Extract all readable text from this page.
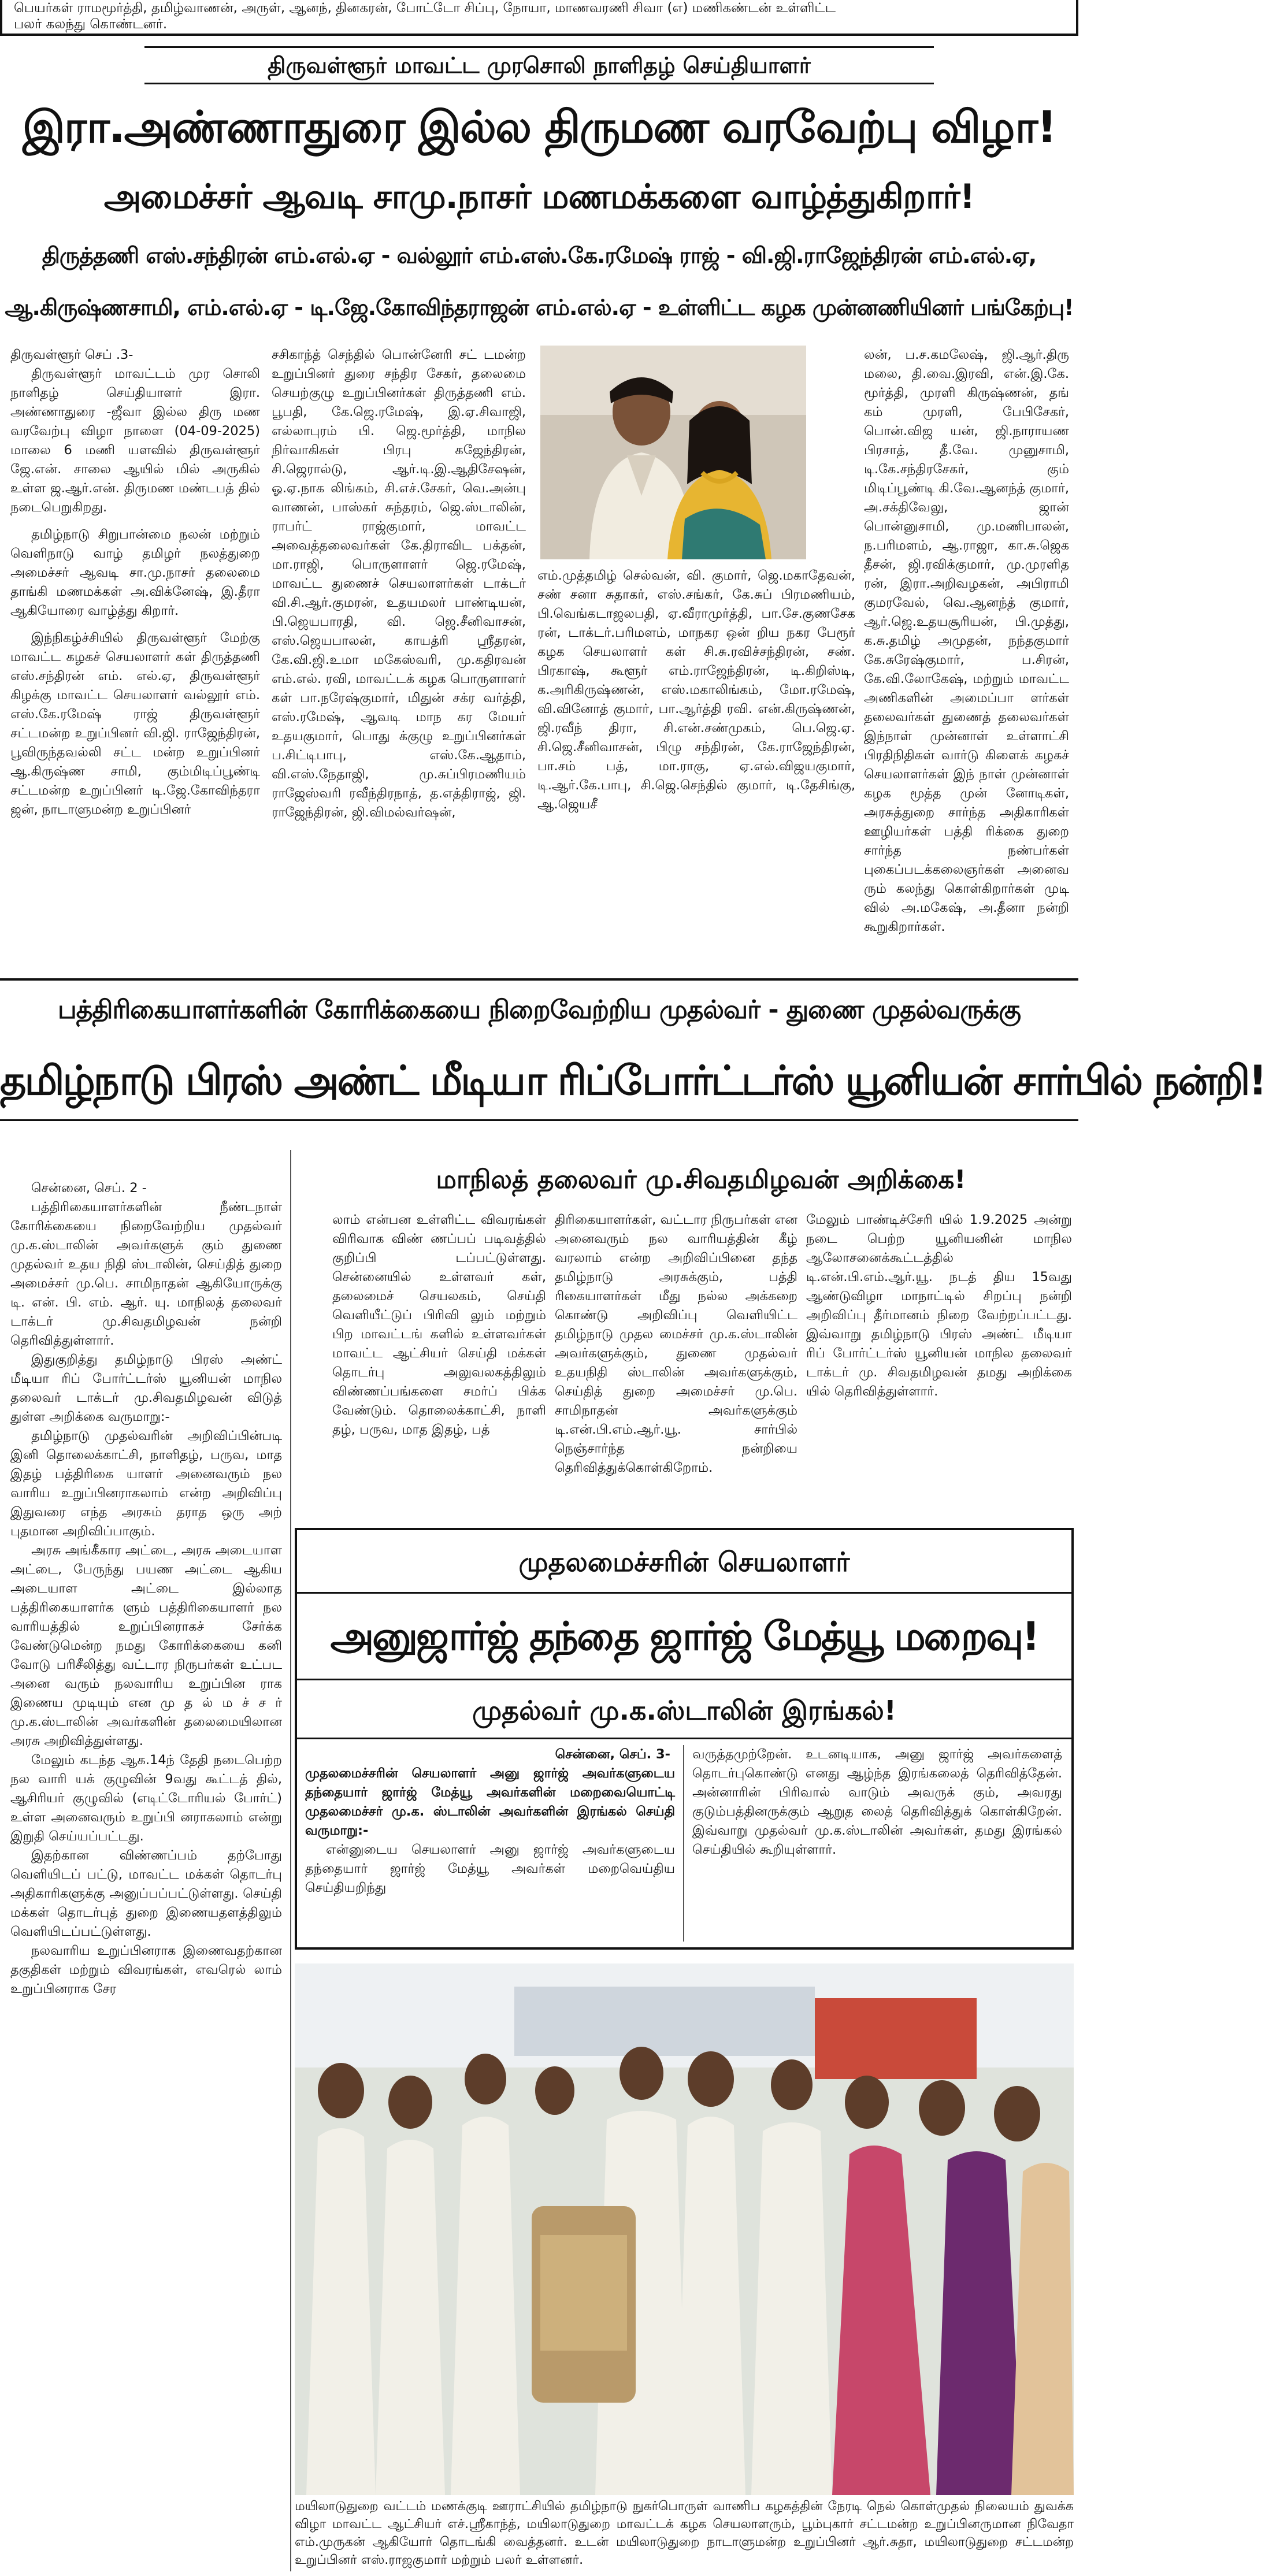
பெயர்கள் ராமமூர்த்தி, தமிழ்வாணன், அருள், ஆனந், தினகரன், போட்டோ சிப்பு, நோயா, மாணவரணி சிவா (எ) மணிகண்டன் உள்ளிட்ட
பலர் கலந்து கொண்டனர்.
திருவள்ளூர் மாவட்ட முரசொலி நாளிதழ் செய்தியாளர்
இரா.அண்ணாதுரை இல்ல திருமண வரவேற்பு விழா!
அமைச்சர் ஆவடி சாமு.நாசர் மணமக்களை வாழ்த்துகிறார்!
திருத்தணி எஸ்.சந்திரன் எம்.எல்.ஏ - வல்லூர் எம்.எஸ்.கே.ரமேஷ் ராஜ் - வி.ஜி.ராஜேந்திரன் எம்.எல்.ஏ,
ஆ.கிருஷ்ணசாமி, எம்.எல்.ஏ - டி.ஜே.கோவிந்தராஜன் எம்.எல்.ஏ - உள்ளிட்ட கழக முன்னணியினர் பங்கேற்பு!

திருவள்ளூர் செப் .3-

திருவள்ளூர் மாவட்டம் முர சொலி நாளிதழ் செய்தியாளர் இரா. அண்ணாதுரை -ஜீவா இல்ல திரு மண வரவேற்பு விழா நாளை (04-09-2025) மாலை 6 மணி யளவில் திருவள்ளூர் ஜே.என். சாலை ஆயில் மில் அருகில் உள்ள ஜ.ஆர்.என். திருமண மண்டபத் தில் நடைபெறுகிறது.

தமிழ்நாடு சிறுபான்மை நலன் மற்றும் வெளிநாடு வாழ் தமிழர் நலத்துறை அமைச்சர் ஆவடி சா.மு.நாசர் தலைமை தாங்கி மணமக்கள் அ.விக்னேஷ், இ.தீரா ஆகியோரை வாழ்த்து கிறார்.

இந்நிகழ்ச்சியில் திருவள்ளூர் மேற்கு மாவட்ட கழகச் செயலாளர் கள் திருத்தணி எஸ்.சந்திரன் எம். எல்.ஏ, திருவள்ளூர் கிழக்கு மாவட்ட செயலாளர் வல்லூர் எம். எஸ்.கே.ரமேஷ் ராஜ் திருவள்ளூர் சட்டமன்ற உறுப்பினர் வி.ஜி. ராஜேந்திரன், பூவிருந்தவல்லி சட்ட மன்ற உறுப்பினர் ஆ.கிருஷ்ண சாமி, கும்மிடிப்பூண்டி சட்டமன்ற உறுப்பினர் டி.ஜே.கோவிந்தரா ஜன், நாடாளுமன்ற உறுப்பினர்

சசிகாந்த் செந்தில் பொன்னேரி சட் டமன்ற உறுப்பினர் துரை சந்திர சேகர், தலைமை செயற்குழு உறுப்பினர்கள் திருத்தணி எம். பூபதி, கே.ஜெ.ரமேஷ், இ.ஏ.சிவாஜி, எல்லாபுரம் பி. ஜெ.மூர்த்தி, மாநில நிர்வாகிகள் பிரபு கஜேந்திரன், சி.ஜெரால்டு, ஆர்.டி.இ.ஆதிசேஷன், ஓ.ஏ.நாக லிங்கம், சி.எச்.சேகர், வெ.அன்பு வாணன், பாஸ்கர் சுந்தரம், ஜெ.ஸ்டாலின், ராபர்ட் ராஜ்குமார், மாவட்ட அவைத்தலைவர்கள் கே.திராவிட பக்தன், மா.ராஜி, பொருளாளர் ஜெ.ரமேஷ், மாவட்ட துணைச் செயலாளர்கள் டாக்டர் வி.சி.ஆர்.குமரன், உதயமலர் பாண்டியன், பி.ஜெயபாரதி, வி. ஜெ.சீனிவாசன், எஸ்.ஜெயபாலன், காயத்ரி ஸ்ரீதரன், கே.வி.ஜி.உமா மகேஸ்வரி, மு.கதிரவன் எம்.எல். ரவி, மாவட்டக் கழக பொருளாளர் கள் பா.நரேஷ்குமார், மிதுன் சக்ர வர்த்தி, எஸ்.ரமேஷ், ஆவடி மாந கர மேயர் உதயகுமார், பொது க்குழு உறுப்பினர்கள் ப.சிட்டிபாபு, எஸ்.கே.ஆதாம், வி.எஸ்.நேதாஜி, மு.சுப்பிரமணியம் ராஜேஸ்வரி ரவீந்திரநாத், த.எத்திராஜ், ஜி. ராஜேந்திரன், ஜி.விமல்வர்ஷன்,
எம்.முத்தமிழ் செல்வன், வி. குமார், ஜெ.மகாதேவன், சண் சனா சுதாகர், எஸ்.சங்கர், கே.சுப் பிரமணியம், பி.வெங்கடாஜலபதி, ஏ.வீராமுர்த்தி, பா.சே.குணசேக ரன், டாக்டர்.பரிமளம், மாநகர ஒன் றிய நகர பேரூர் கழக செயலாளர் கள் சி.சு.ரவிச்சந்திரன், சண். பிரகாஷ், கூளூர் எம்.ராஜேந்திரன், டி.கிறிஸ்டி, க.அரிகிருஷ்ணன், எஸ்.மகாலிங்கம், மோ.ரமேஷ், வி.வினோத் குமார், பா.ஆர்த்தி ரவி. என்.கிருஷ்ணன், ஜி.ரவீந் திரா, சி.என்.சண்முகம், பெ.ஜெ.ஏ. சி.ஜெ.சீனிவாசன், பிழு சந்திரன், கே.ராஜேந்திரன், பா.சம் பத், மா.ராகு, ஏ.எல்.விஜயகுமார், டி.ஆர்.கே.பாபு, சி.ஜெ.செந்தில் குமார், டி.தேசிங்கு, ஆ.ஜெயசீ
லன், ப.ச.கமலேஷ், ஜி.ஆர்.திரு மலை, தி.வை.இரவி, என்.இ.கே. மூர்த்தி, முரளி கிருஷ்ணன், தங் கம் முரளி, பேபிசேகர், பொன்.விஜ யன், ஜி.நாராயண பிரசாத், தீ.வே. முனுசாமி, டி.கே.சந்திரசேகர், கும் மிடிப்பூண்டி கி.வே.ஆனந்த் குமார், அ.சக்திவேலு, ஜான் பொன்னுசாமி, மு.மணிபாலன், ந.பரிமளம், ஆ.ராஜா, கா.சு.ஜெக தீசன், ஜி.ரவிக்குமார், மு.முரளித ரன், இரா.அறிவழகன், அபிராமி குமரவேல், வெ.ஆனந்த் குமார், ஆர்.ஜெ.உதயசூரியன், பி.முத்து, க.சு.தமிழ் அமுதன், நந்தகுமார் கே.சுரேஷ்குமார், ப.சிரன், கே.வி.லோகேஷ், மற்றும் மாவட்ட அணிகளின் அமைப்பா ளர்கள் தலைவர்கள் துணைத் தலைவர்கள் இந்நாள் முன்னாள் உள்ளாட்சி பிரதிநிதிகள் வார்டு கிளைக் கழகச் செயலாளர்கள் இந் நாள் முன்னாள் கழக மூத்த முன் னோடிகள், அரசுத்துறை சார்ந்த அதிகாரிகள் ஊழியர்கள் பத்தி ரிக்கை துறை சார்ந்த நண்பர்கள் புகைப்படக்கலைஞர்கள் அனைவ ரும் கலந்து கொள்கிறார்கள் முடி வில் அ.மகேஷ், அ.தீனா நன்றி கூறுகிறார்கள்.
பத்திரிகையாளர்களின் கோரிக்கையை நிறைவேற்றிய முதல்வர் - துணை முதல்வருக்கு
தமிழ்நாடு பிரஸ் அண்ட் மீடியா ரிப்போர்ட்டர்ஸ் யூனியன் சார்பில் நன்றி!
மாநிலத் தலைவர் மு.சிவதமிழவன் அறிக்கை!

சென்னை, செப். 2 -

பத்திரிகையாளர்களின் நீண்டநாள் கோரிக்கையை நிறைவேற்றிய முதல்வர் மு.க.ஸ்டாலின் அவர்களுக் கும் துணை முதல்வர் உதய நிதி ஸ்டாலின், செய்தித் துறை அமைச்சர் மு.பெ. சாமிநாதன் ஆகியோருக்கு டி. என். பி. எம். ஆர். யு. மாநிலத் தலைவர் டாக்டர் மு.சிவதமிழவன் நன்றி தெரிவித்துள்ளார்.

இதுகுறித்து தமிழ்நாடு பிரஸ் அண்ட் மீடியா ரிப் போர்ட்டர்ஸ் யூனியன் மாநில தலைவர் டாக்டர் மு.சிவதமிழவன் விடுத் துள்ள அறிக்கை வருமாறு:-

தமிழ்நாடு முதல்வரின் அறிவிப்பின்படி இனி தொலைக்காட்சி, நாளிதழ், பருவ, மாத இதழ் பத்திரிகை யாளர் அனைவரும் நல வாரிய உறுப்பினராகலாம் என்ற அறிவிப்பு இதுவரை எந்த அரசும் தராத ஒரு அற் புதமான அறிவிப்பாகும்.

அரசு அங்கீகார அட்டை, அரசு அடையாள அட்டை, பேருந்து பயண அட்டை ஆகிய அடையாள அட்டை இல்லாத பத்திரிகையாளர்க ளும் பத்திரிகையாளர் நல வாரியத்தில் உறுப்பினராகச் சேர்க்க வேண்டுமென்ற நமது கோரிக்கையை கனி வோடு பரிசீலித்து வட்டார நிருபர்கள் உட்பட அனை வரும் நலவாரிய உறுப்பின ராக இணைய முடியும் என மு த ல் ம ச் ச ர் மு.க.ஸ்டாலின் அவர்களின் தலைமையிலான அரசு அறிவித்துள்ளது.

மேலும் கடந்த ஆக.14ந் தேதி நடைபெற்ற நல வாரி யக் குழுவின் 9வது கூட்டத் தில், ஆசிரியர் குழுவில் (எடிட்டோரியல் போர்ட்) உள்ள அனைவரும் உறுப்பி னராகலாம் என்று இறுதி செய்யப்பட்டது.

இதற்கான விண்ணப்பம் தற்போது வெளியிடப் பட்டு, மாவட்ட மக்கள் தொடர்பு அதிகாரிகளுக்கு அனுப்பப்பட்டுள்ளது. செய்தி மக்கள் தொடர்புத் துறை இணையதளத்திலும் வெளியிடப்பட்டுள்ளது.

நலவாரிய உறுப்பினராக இணைவதற்கான தகுதிகள் மற்றும் விவரங்கள், எவரெல் லாம் உறுப்பினராக சேர

லாம் என்பன உள்ளிட்ட விவரங்கள் விரிவாக விண் ணப்பப் படிவத்தில் குறிப்பி டப்பட்டுள்ளது. சென்னையில் உள்ளவர் கள், தலைமைச் செயலகம், செய்தி வெளியீட்டுப் பிரிவி லும் மற்றும் பிற மாவட்டங் களில் உள்ளவர்கள் மாவட்ட ஆட்சியர் செய்தி மக்கள் தொடர்பு அலுவலகத்திலும் விண்ணப்பங்களை சமர்ப் பிக்க வேண்டும். தொலைக்காட்சி, நாளி தழ், பருவ, மாத இதழ், பத்
திரிகையாளர்கள், வட்டார நிருபர்கள் என அனைவரும் நல வாரியத்தின் கீழ் வரலாம் என்ற அறிவிப்பினை தந்த தமிழ்நாடு அரசுக்கும், பத்தி ரிகையாளர்கள் மீது நல்ல அக்கறை கொண்டு அறிவிப்பு வெளியிட்ட தமிழ்நாடு முதல மைச்சர் மு.க.ஸ்டாலின் அவர்களுக்கும், துணை முதல்வர் உதயநிதி ஸ்டாலின் அவர்களுக்கும், செய்தித் துறை அமைச்சர் மு.பெ. சாமிநாதன் அவர்களுக்கும் டி.என்.பி.எம்.ஆர்.யூ. சார்பில் நெஞ்சார்ந்த நன்றியை தெரிவித்துக்கொள்கிறோம்.
மேலும் பாண்டிச்சேரி யில் 1.9.2025 அன்று நடை பெற்ற யூனியனின் மாநில ஆலோசனைக்கூட்டத்தில் டி.என்.பி.எம்.ஆர்.யூ. நடத் திய 15வது ஆண்டுவிழா மாநாட்டில் சிறப்பு நன்றி அறிவிப்பு தீர்மானம் நிறை வேற்றப்பட்டது. இவ்வாறு தமிழ்நாடு பிரஸ் அண்ட் மீடியா ரிப் போர்ட்டர்ஸ் யூனியன் மாநில தலைவர் டாக்டர் மு. சிவதமிழவன் தமது அறிக்கை யில் தெரிவித்துள்ளார்.
முதலமைச்சரின் செயலாளர்
அனுஜார்ஜ் தந்தை ஜார்ஜ் மேத்யூ மறைவு!
முதல்வர் மு.க.ஸ்டாலின் இரங்கல்!

சென்னை, செப். 3-

முதலமைச்சரின் செயலாளர் அனு ஜார்ஜ் அவர்களுடைய தந்தையார் ஜார்ஜ் மேத்யூ அவர்களின் மறைவையொட்டி முதலமைச்சர் மு.க. ஸ்டாலின் அவர்களின் இரங்கல் செய்தி வருமாறு:-

என்னுடைய செயலாளர் அனு ஜார்ஜ் அவர்களுடைய தந்தையார் ஜார்ஜ் மேத்யூ அவர்கள் மறைவெய்திய செய்தியறிந்து

வருத்தமுற்றேன். உடனடியாக, அனு ஜார்ஜ் அவர்களைத் தொடர்புகொண்டு எனது ஆழ்ந்த இரங்கலைத் தெரிவித்தேன். அன்னாரின் பிரிவால் வாடும் அவருக் கும், அவரது குடும்பத்தினருக்கும் ஆறுத லைத் தெரிவித்துக் கொள்கிறேன். இவ்வாறு முதல்வர் மு.க.ஸ்டாலின் அவர்கள், தமது இரங்கல் செய்தியில் கூறியுள்ளார்.
மயிலாடுதுறை வட்டம் மணக்குடி ஊராட்சியில் தமிழ்நாடு நுகர்பொருள் வாணிப கழகத்தின் நேரடி நெல் கொள்முதல் நிலையம் துவக்க விழா மாவட்ட ஆட்சியர் எச்.ஸ்ரீகாந்த், மயிலாடுதுறை மாவட்டக் கழக செயலாளரும், பூம்புகார் சட்டமன்ற உறுப்பினருமான நிவேதா எம்.முருகன் ஆகியோர் தொடங்கி வைத்தனர். உடன் மயிலாடுதுறை நாடாளுமன்ற உறுப்பினர் ஆர்.சுதா, மயிலாடுதுறை சட்டமன்ற உறுப்பினர் எஸ்.ராஜகுமார் மற்றும் பலர் உள்ளனர்.
